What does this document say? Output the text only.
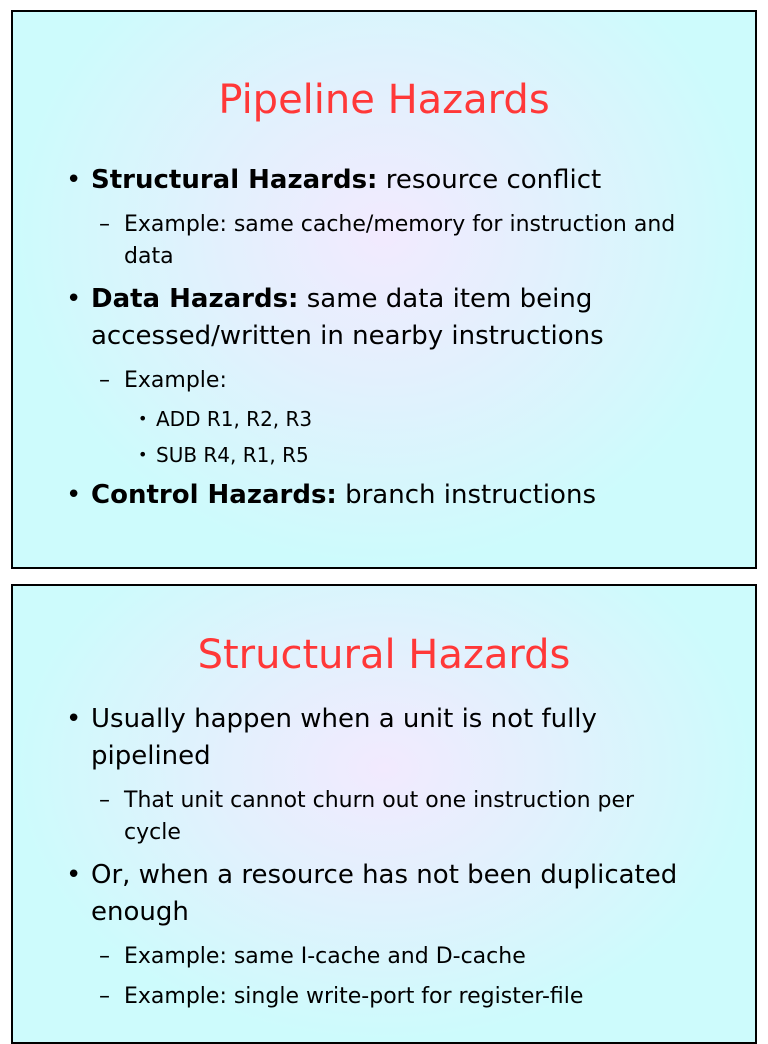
Pipeline Hazards
• Structural Hazards: resource conflict
– Example: same cache/memory for instruction and data
• Data Hazards: same data item being accessed/written in nearby instructions
– Example:
• ADD R1, R2, R3
• SUB R4, R1, R5
• Control Hazards: branch instructions
Structural Hazards
• Usually happen when a unit is not fully pipelined
– That unit cannot churn out one instruction per cycle
• Or, when a resource has not been duplicated enough
– Example: same I-cache and D-cache
– Example: single write-port for register-file
